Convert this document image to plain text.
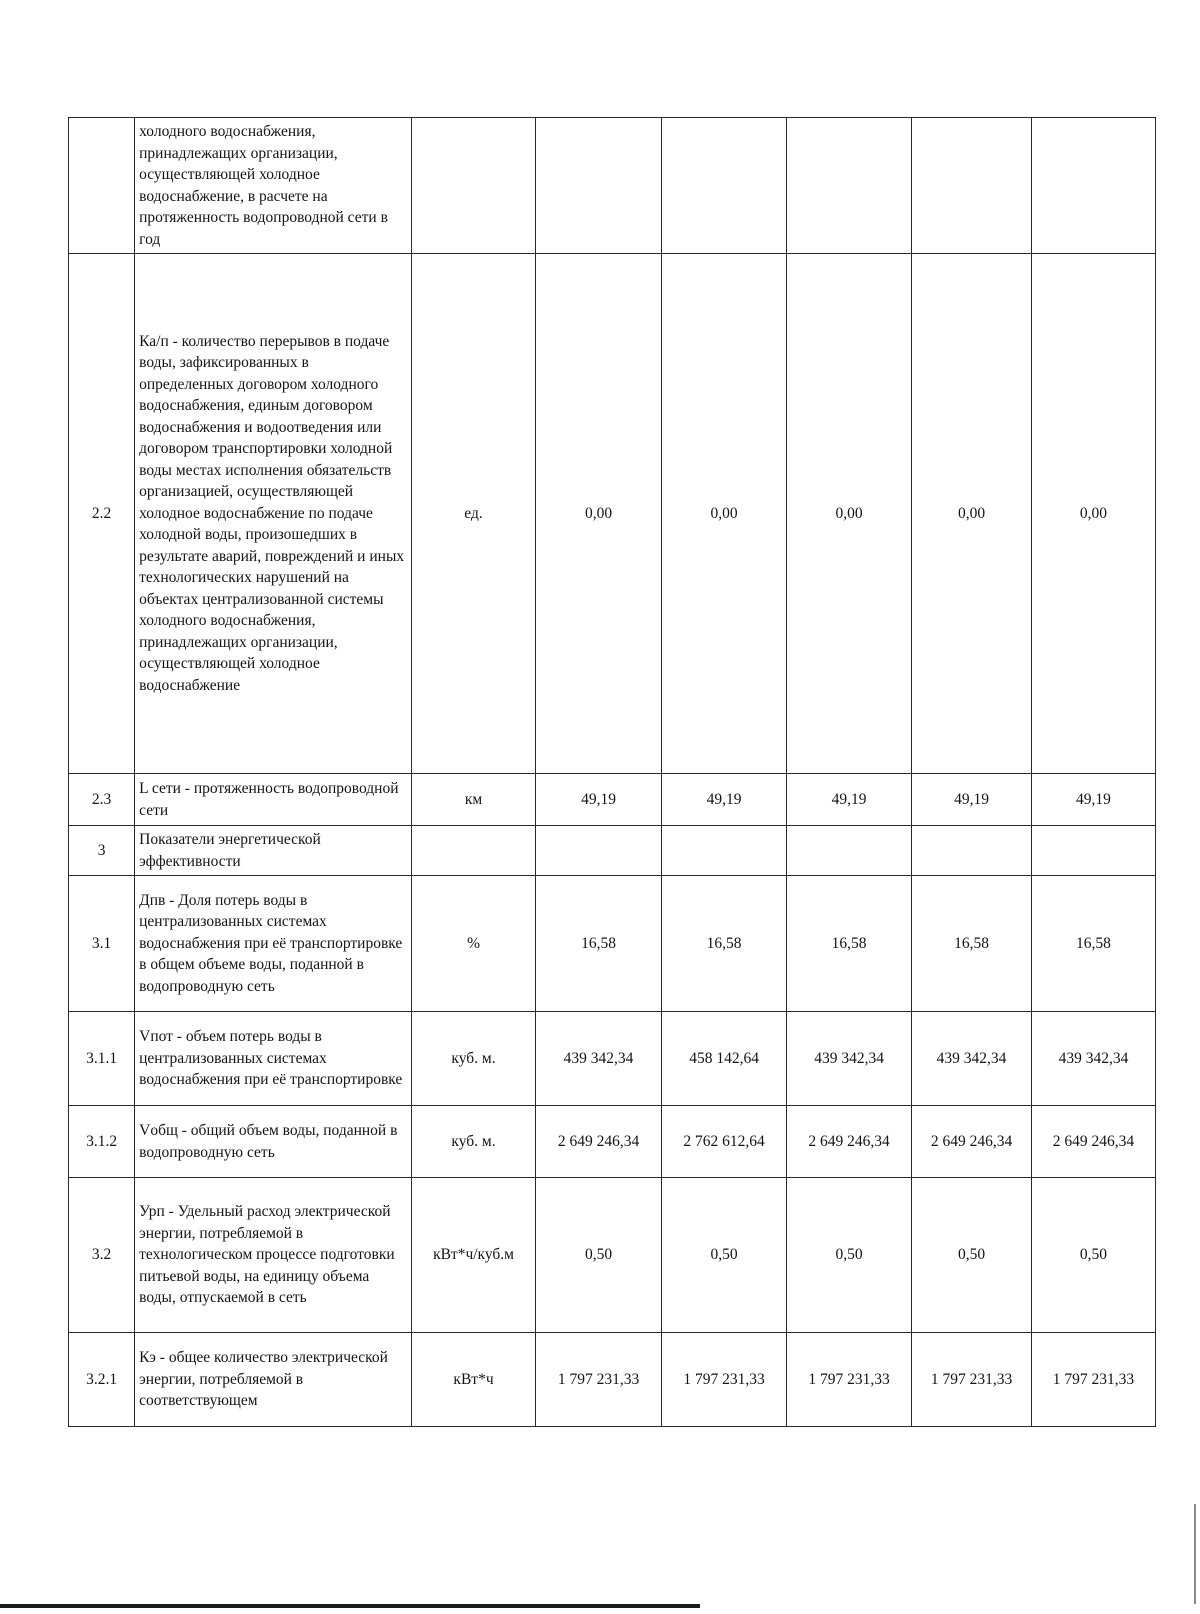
	холодного водоснабжения, принадлежащих организации, осуществляющей холодное водоснабжение, в расчете на протяженность водопроводной сети в год						
2.2	Ка/п - количество перерывов в подаче воды, зафиксированных в определенных договором холодного водоснабжения, единым договором водоснабжения и водоотведения или договором транспортировки холодной воды местах исполнения обязательств организацией, осуществляющей холодное водоснабжение по подаче холодной воды, произошедших в результате аварий, повреждений и иных технологических нарушений на объектах централизованной системы холодного водоснабжения, принадлежащих организации, осуществляющей холодное водоснабжение	ед.	0,00	0,00	0,00	0,00	0,00
2.3	L сети - протяженность водопроводной сети	км	49,19	49,19	49,19	49,19	49,19
3	Показатели энергетической эффективности						
3.1	Дпв - Доля потерь воды в централизованных системах водоснабжения при её транспортировке в общем объеме воды, поданной в водопроводную сеть	%	16,58	16,58	16,58	16,58	16,58
3.1.1	Vпот - объем потерь воды в централизованных системах водоснабжения при её транспортировке	куб. м.	439 342,34	458 142,64	439 342,34	439 342,34	439 342,34
3.1.2	Vобщ - общий объем воды, поданной в водопроводную сеть	куб. м.	2 649 246,34	2 762 612,64	2 649 246,34	2 649 246,34	2 649 246,34
3.2	Урп - Удельный расход электрической энергии, потребляемой в технологическом процессе подготовки питьевой воды, на единицу объема воды, отпускаемой в сеть	кВт*ч/куб.м	0,50	0,50	0,50	0,50	0,50
3.2.1	Кэ - общее количество электрической энергии, потребляемой в соответствующем	кВт*ч	1 797 231,33	1 797 231,33	1 797 231,33	1 797 231,33	1 797 231,33
